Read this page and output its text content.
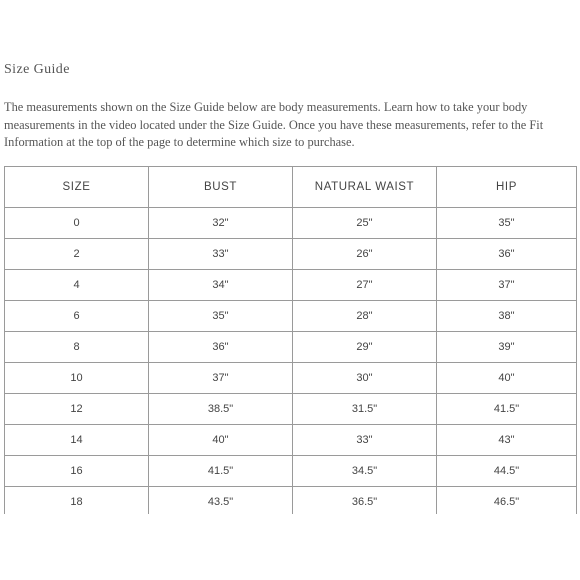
Size Guide

The measurements shown on the Size Guide below are body measurements. Learn how to take your body measurements in the video located under the Size Guide. Once you have these measurements, refer to the Fit Information at the top of the page to determine which size to purchase.

SIZE	BUST	NATURAL WAIST	HIP
0	32"	25"	35"
2	33"	26"	36"
4	34"	27"	37"
6	35"	28"	38"
8	36"	29"	39"
10	37"	30"	40"
12	38.5"	31.5"	41.5"
14	40"	33"	43"
16	41.5"	34.5"	44.5"
18	43.5"	36.5"	46.5"
